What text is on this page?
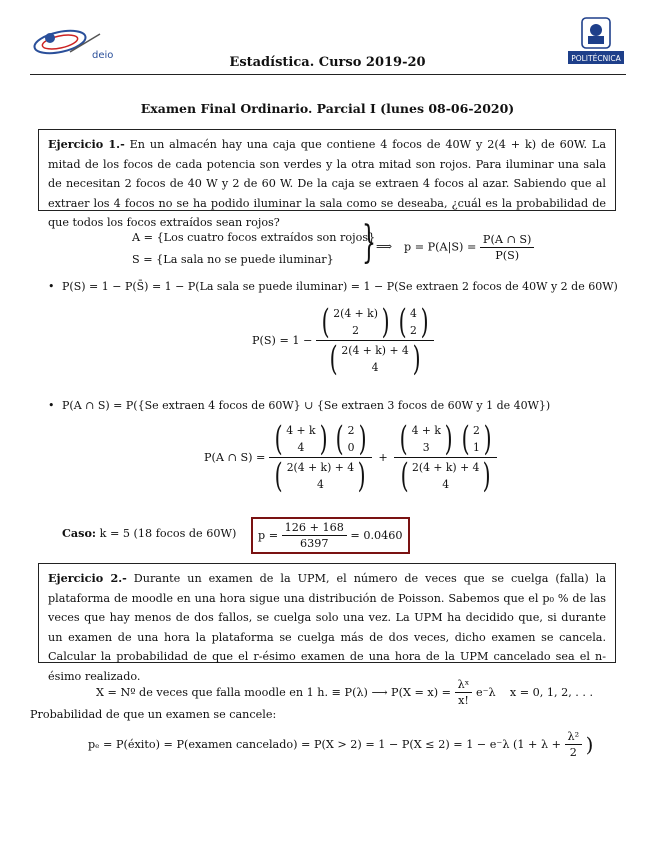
deio	POLITÉCNICA
Estadística. Curso 2019-20
Examen Final Ordinario. Parcial I (lunes 08-06-2020)
Ejercicio 1.- En un almacén hay una caja que contiene 4 focos de 40W y 2(4 + k) de 60W. La mitad de los focos de cada potencia son verdes y la otra mitad son rojos. Para iluminar una sala de necesitan 2 focos de 40 W y 2 de 60 W. De la caja se extraen 4 focos al azar. Sabiendo que al extraer los 4 focos no se ha podido iluminar la sala como se deseaba, ¿cuál es la probabilidad de que todos los focos extraídos sean rojos?
A = {Los cuatro focos extraídos son rojos}
S = {La sala no se puede iluminar} } ⟹ $p = P(A|S) = \frac{P(A \cap S)}{P(S)}$
• P(S) = 1 − P(S̄) = 1 − P(La sala se puede iluminar) = 1 − P(Se extraen 2 focos de 40W y 2 de 60W)
P(S) = 1 − ( 2(4 + k)
2 )
( 4
2 )
( 2(4 + k) + 4
4 )
• P(A ∩ S) = P({Se extraen 4 focos de 60W} ∪ {Se extraen 3 focos de 60W y 1 de 40W})
P(A ∩ S) = ( 4 + k
4 )
( 2
0 )
( 2(4 + k) + 4
4 ) + ( 4 + k
3 )
( 2
1 )
( 2(4 + k) + 4
4 )
Caso: k = 5 (18 focos de 60W)	$p = \frac{126 + 168}{6397} = 0.0460$
Ejercicio 2.- Durante un examen de la UPM, el número de veces que se cuelga (falla) la plataforma de moodle en una hora sigue una distribución de Poisson. Sabemos que el p₀ % de las veces que hay menos de dos fallos, se cuelga solo una vez. La UPM ha decidido que, si durante un examen de una hora la plataforma se cuelga más de dos veces, dicho examen se cancela. Calcular la probabilidad de que el r-ésimo examen de una hora de la UPM cancelado sea el n-ésimo realizado.
X = Nº de veces que falla moodle en 1 h. ≡ P(λ) ⟶ $P(X = x) = \frac{\text{λˣ}}{x!} e^-\lambda$    x = 0, 1, 2, . . .
Probabilidad de que un examen se cancele:
pₑ = P(éxito) = P(examen cancelado) = P(X > 2) = 1 − P(X ≤ 2) = 1 − e⁻λ ($1 + \lambda + \frac{\text{λ²}}{2}$ )
